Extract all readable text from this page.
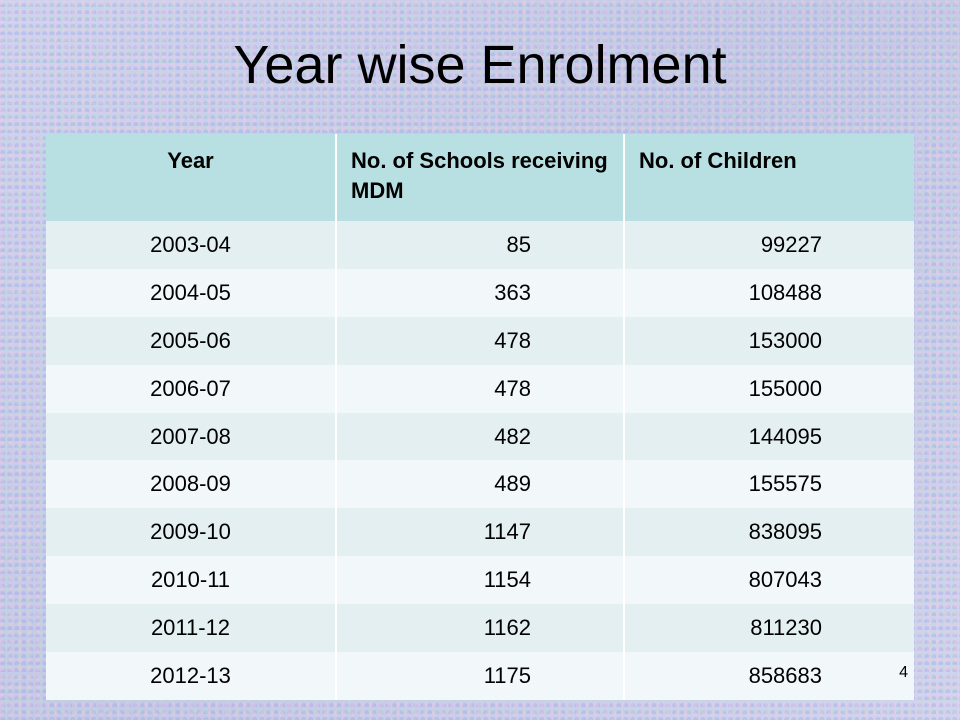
Year wise Enrolment
Year	No. of Schools receiving MDM	No. of Children
2003-04	85	99227
2004-05	363	108488
2005-06	478	153000
2006-07	478	155000
2007-08	482	144095
2008-09	489	155575
2009-10	1147	838095
2010-11	1154	807043
2011-12	1162	811230
2012-13	1175	858683	4
